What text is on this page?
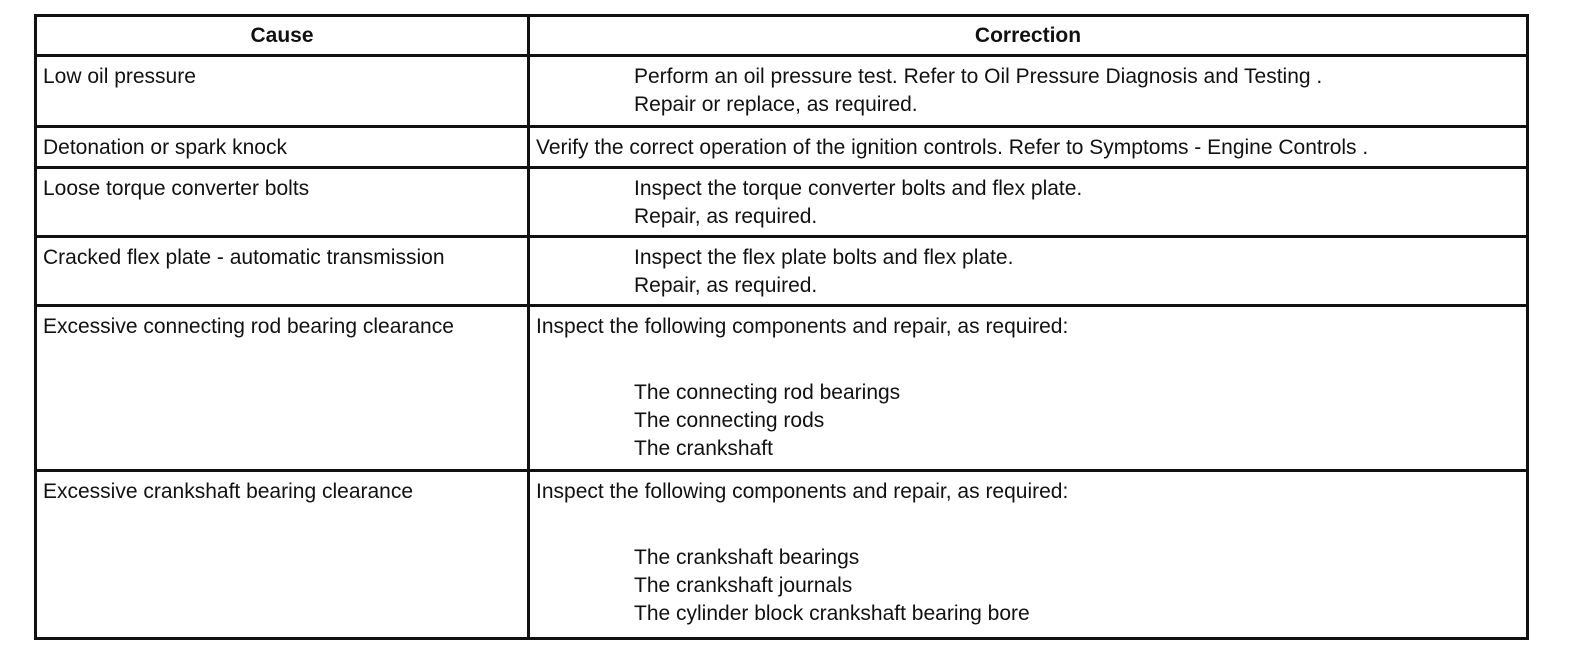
Cause	Correction
Low oil pressure	Perform an oil pressure test. Refer to Oil Pressure Diagnosis and Testing .
Repair or replace, as required.
Detonation or spark knock	Verify the correct operation of the ignition controls. Refer to Symptoms - Engine Controls .
Loose torque converter bolts	Inspect the torque converter bolts and flex plate.
Repair, as required.
Cracked flex plate - automatic transmission	Inspect the flex plate bolts and flex plate.
Repair, as required.
Excessive connecting rod bearing clearance	Inspect the following components and repair, as required:
The connecting rod bearings
The connecting rods
The crankshaft
Excessive crankshaft bearing clearance	Inspect the following components and repair, as required:
The crankshaft bearings
The crankshaft journals
The cylinder block crankshaft bearing bore
